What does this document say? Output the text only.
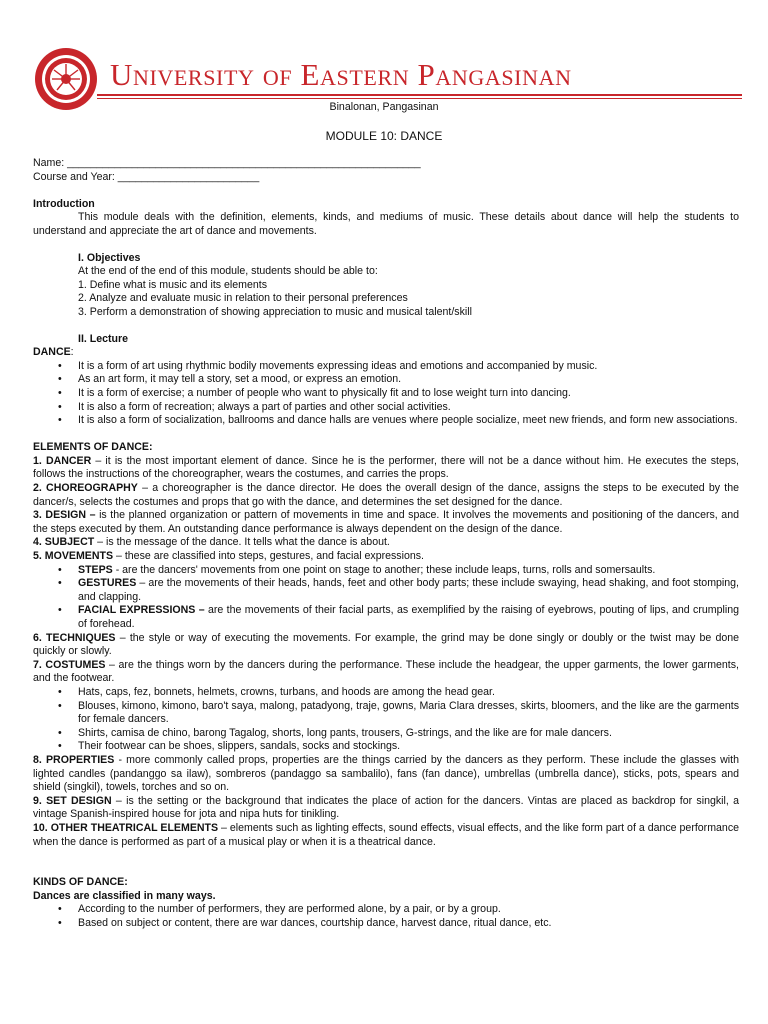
University of Eastern Pangasinan
Binalonan, Pangasinan
MODULE 10: DANCE

Name: ____________________________________________________________

Course and Year: ________________________

Introduction

This module deals with the definition, elements, kinds, and mediums of music. These details about dance will help the students to understand and appreciate the art of dance and movements.

I. Objectives

At the end of the end of this module, students should be able to:

1. Define what is music and its elements

2. Analyze and evaluate music in relation to their personal preferences

3. Perform a demonstration of showing appreciation to music and musical talent/skill

II. Lecture

DANCE:

• It is a form of art using rhythmic bodily movements expressing ideas and emotions and accompanied by music.
• As an art form, it may tell a story, set a mood, or express an emotion.
• It is a form of exercise; a number of people who want to physically fit and to lose weight turn into dancing.
• It is also a form of recreation; always a part of parties and other social activities.
• It is also a form of socialization, ballrooms and dance halls are venues where people socialize, meet new friends, and form new associations.

ELEMENTS OF DANCE:

1. DANCER – it is the most important element of dance. Since he is the performer, there will not be a dance without him. He executes the steps, follows the instructions of the choreographer, wears the costumes, and carries the props.

2. CHOREOGRAPHY – a choreographer is the dance director. He does the overall design of the dance, assigns the steps to be executed by the dancer/s, selects the costumes and props that go with the dance, and determines the set designed for the dance.

3. DESIGN – is the planned organization or pattern of movements in time and space. It involves the movements and positioning of the dancers, and the steps executed by them. An outstanding dance performance is always dependent on the design of the dance.

4. SUBJECT – is the message of the dance. It tells what the dance is about.

5. MOVEMENTS – these are classified into steps, gestures, and facial expressions.

• STEPS - are the dancers' movements from one point on stage to another; these include leaps, turns, rolls and somersaults.
• GESTURES – are the movements of their heads, hands, feet and other body parts; these include swaying, head shaking, and foot stomping, and clapping.
• FACIAL EXPRESSIONS – are the movements of their facial parts, as exemplified by the raising of eyebrows, pouting of lips, and crumpling of forehead.

6. TECHNIQUES – the style or way of executing the movements. For example, the grind may be done singly or doubly or the twist may be done quickly or slowly.

7. COSTUMES – are the things worn by the dancers during the performance. These include the headgear, the upper garments, the lower garments, and the footwear.

• Hats, caps, fez, bonnets, helmets, crowns, turbans, and hoods are among the head gear.
• Blouses, kimono, kimono, baro't saya, malong, patadyong, traje, gowns, Maria Clara dresses, skirts, bloomers, and the like are the garments for female dancers.
• Shirts, camisa de chino, barong Tagalog, shorts, long pants, trousers, G-strings, and the like are for male dancers.
• Their footwear can be shoes, slippers, sandals, socks and stockings.

8. PROPERTIES - more commonly called props, properties are the things carried by the dancers as they perform. These include the glasses with lighted candles (pandanggo sa ilaw), sombreros (pandaggo sa sambalilo), fans (fan dance), umbrellas (umbrella dance), sticks, pots, spears and shield (singkil), towels, torches and so on.

9. SET DESIGN – is the setting or the background that indicates the place of action for the dancers. Vintas are placed as backdrop for singkil, a vintage Spanish-inspired house for jota and nipa huts for tinikling.

10. OTHER THEATRICAL ELEMENTS – elements such as lighting effects, sound effects, visual effects, and the like form part of a dance performance when the dance is performed as part of a musical play or when it is a theatrical dance.

KINDS OF DANCE:

Dances are classified in many ways.

• According to the number of performers, they are performed alone, by a pair, or by a group.
• Based on subject or content, there are war dances, courtship dance, harvest dance, ritual dance, etc.
